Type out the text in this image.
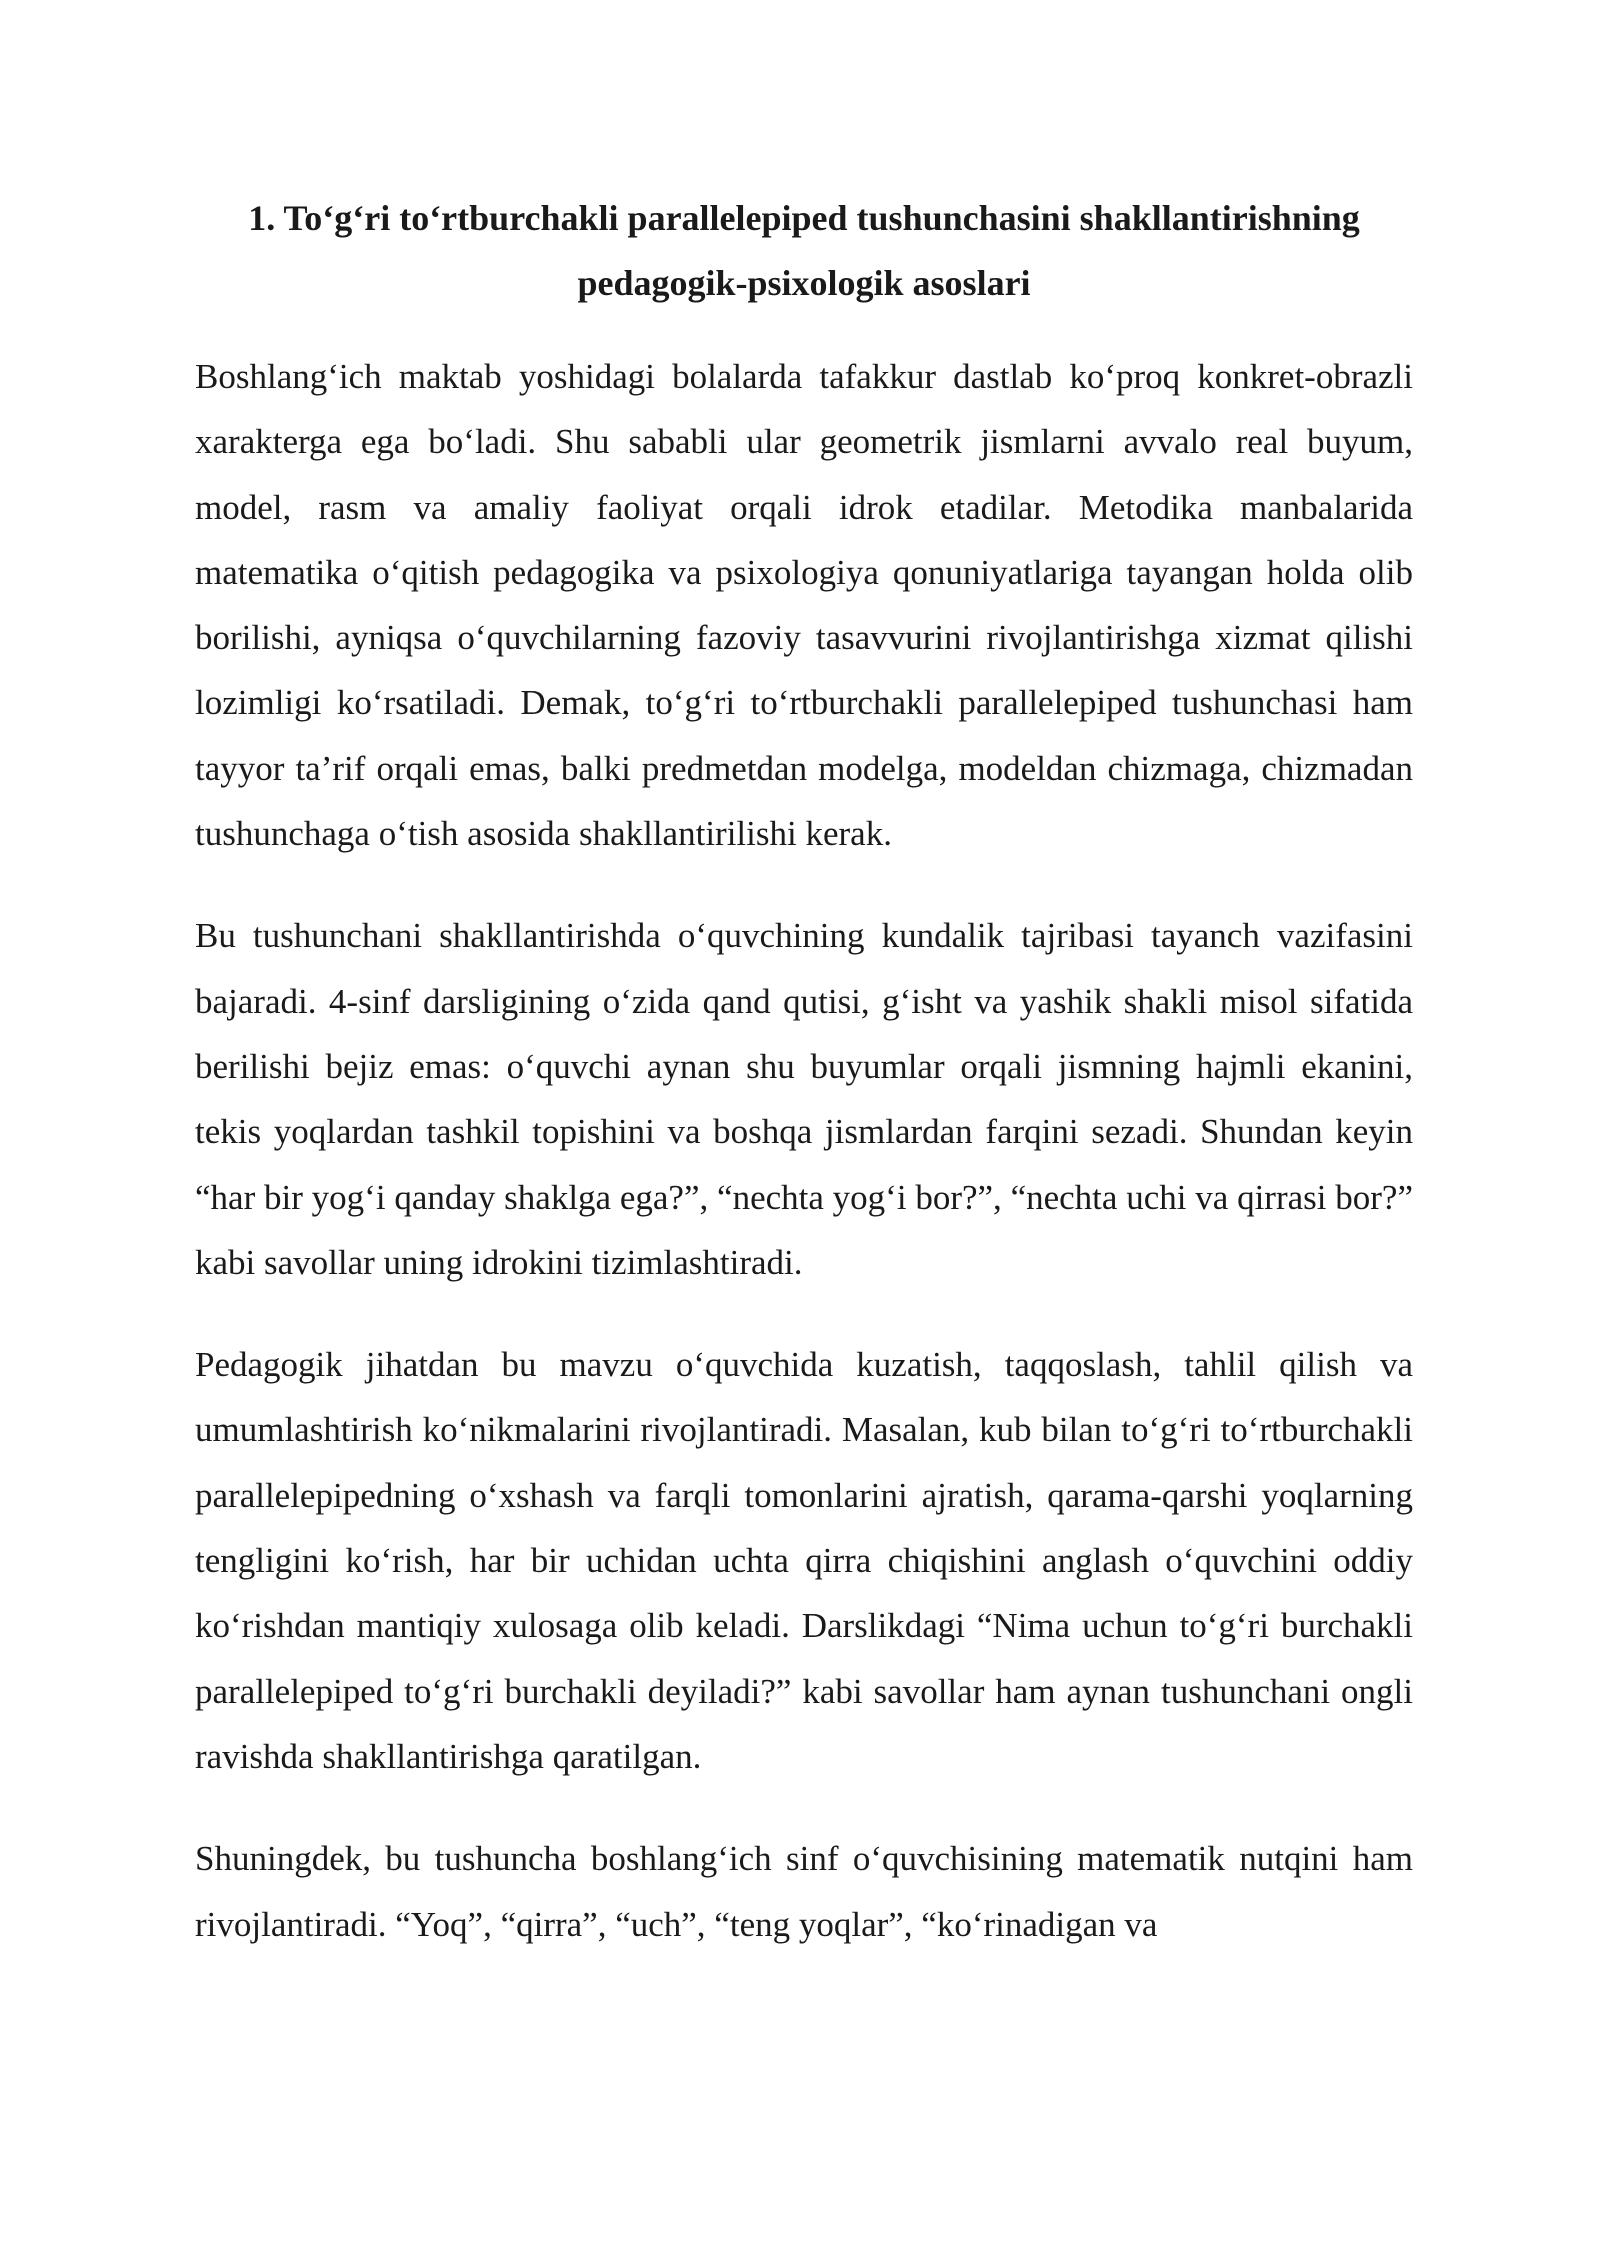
1. To‘g‘ri to‘rtburchakli parallelepiped tushunchasini shakllantirishning
pedagogik-psixologik asoslari

Boshlang‘ich maktab yoshidagi bolalarda tafakkur dastlab ko‘proq konkret-obrazli xarakterga ega bo‘ladi. Shu sababli ular geometrik jismlarni avvalo real buyum, model, rasm va amaliy faoliyat orqali idrok etadilar. Metodika manbalarida matematika o‘qitish pedagogika va psixologiya qonuniyatlariga tayangan holda olib borilishi, ayniqsa o‘quvchilarning fazoviy tasavvurini rivojlantirishga xizmat qilishi lozimligi ko‘rsatiladi. Demak, to‘g‘ri to‘rtburchakli parallelepiped tushunchasi ham tayyor ta’rif orqali emas, balki predmetdan modelga, modeldan chizmaga, chizmadan tushunchaga o‘tish asosida shakllantirilishi kerak.

Bu tushunchani shakllantirishda o‘quvchining kundalik tajribasi tayanch vazifasini bajaradi. 4-sinf darsligining o‘zida qand qutisi, g‘isht va yashik shakli misol sifatida berilishi bejiz emas: o‘quvchi aynan shu buyumlar orqali jismning hajmli ekanini, tekis yoqlardan tashkil topishini va boshqa jismlardan farqini sezadi. Shundan keyin “har bir yog‘i qanday shaklga ega?”, “nechta yog‘i bor?”, “nechta uchi va qirrasi bor?” kabi savollar uning idrokini tizimlashtiradi.

Pedagogik jihatdan bu mavzu o‘quvchida kuzatish, taqqoslash, tahlil qilish va umumlashtirish ko‘nikmalarini rivojlantiradi. Masalan, kub bilan to‘g‘ri to‘rtburchakli parallelepipedning o‘xshash va farqli tomonlarini ajratish, qarama-qarshi yoqlarning tengligini ko‘rish, har bir uchidan uchta qirra chiqishini anglash o‘quvchini oddiy ko‘rishdan mantiqiy xulosaga olib keladi. Darslikdagi “Nima uchun to‘g‘ri burchakli parallelepiped to‘g‘ri burchakli deyiladi?” kabi savollar ham aynan tushunchani ongli ravishda shakllantirishga qaratilgan.

Shuningdek, bu tushuncha boshlang‘ich sinf o‘quvchisining matematik nutqini ham rivojlantiradi. “Yoq”, “qirra”, “uch”, “teng yoqlar”, “ko‘rinadigan va
